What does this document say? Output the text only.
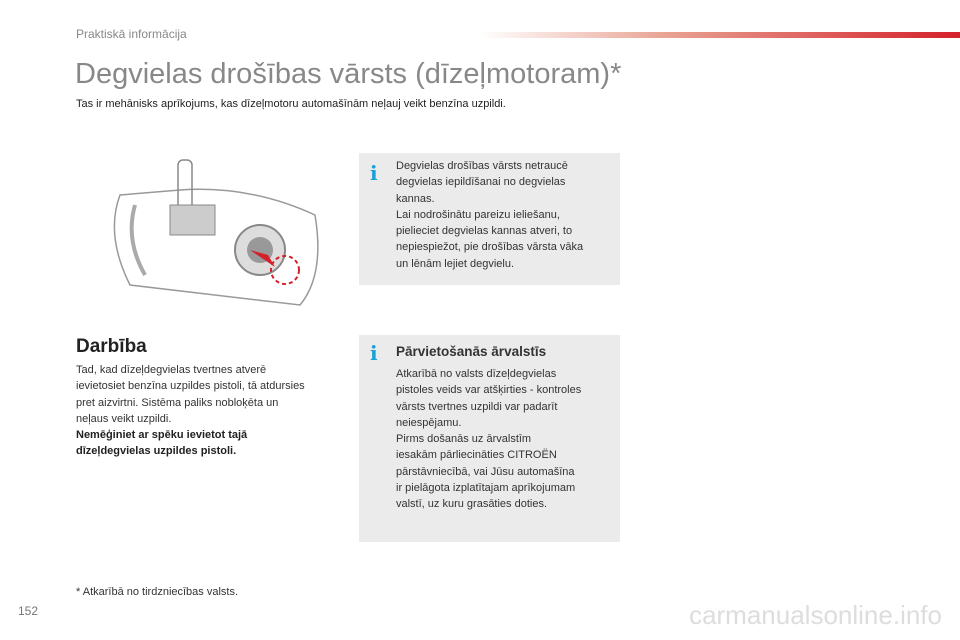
Praktiskā informācija
Degvielas drošības vārsts (dīzeļmotoram)*
Tas ir mehānisks aprīkojums, kas dīzeļmotoru automašīnām neļauj veikt benzīna uzpildi.
i Degvielas drošības vārsts netraucē
degvielas iepildīšanai no degvielas
kannas.
Lai nodrošinātu pareizu ieliešanu,
pielieciet degvielas kannas atveri, to
nepiespiežot, pie drošības vārsta vāka
un lēnām lejiet degvielu.
Darbība
Tad, kad dīzeļdegvielas tvertnes atverē
ievietosiet benzīna uzpildes pistoli, tā atdursies
pret aizvirtni. Sistēma paliks nobloķēta un
neļaus veikt uzpildi.
Nemēģiniet ar spēku ievietot tajā
dīzeļdegvielas uzpildes pistoli.
i Pārvietošanās ārvalstīs
Atkarībā no valsts dīzeļdegvielas
pistoles veids var atšķirties - kontroles
vārsts tvertnes uzpildi var padarīt
neiespējamu.
Pirms došanās uz ārvalstīm
iesakām pārliecināties CITROËN
pārstāvniecībā, vai Jūsu automašīna
ir pielāgota izplatītajam aprīkojumam
valstī, uz kuru grasāties doties.
* Atkarībā no tirdzniecības valsts.
152	carmanualsonline.info
